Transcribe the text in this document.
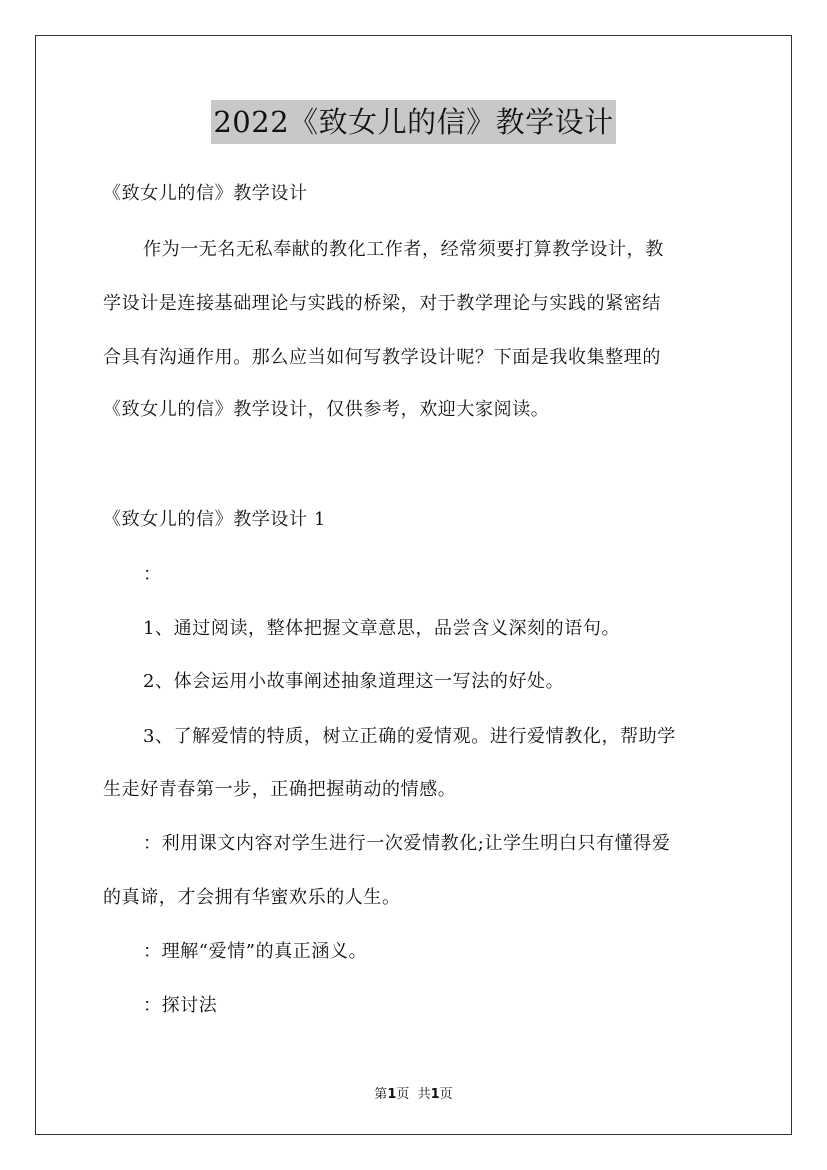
2022《致女儿的信》教学设计
《致女儿的信》教学设计
作为一无名无私奉献的教化工作者，经常须要打算教学设计，教
学设计是连接基础理论与实践的桥梁，对于教学理论与实践的紧密结
合具有沟通作用。那么应当如何写教学设计呢？下面是我收集整理的
《致女儿的信》教学设计，仅供参考，欢迎大家阅读。
《致女儿的信》教学设计 1
：
1、通过阅读，整体把握文章意思，品尝含义深刻的语句。
2、体会运用小故事阐述抽象道理这一写法的好处。
3、了解爱情的特质，树立正确的爱情观。进行爱情教化，帮助学
生走好青春第一步，正确把握萌动的情感。
：利用课文内容对学生进行一次爱情教化;让学生明白只有懂得爱
的真谛，才会拥有华蜜欢乐的人生。
：理解“爱情”的真正涵义。
：探讨法
第1页  共1页
